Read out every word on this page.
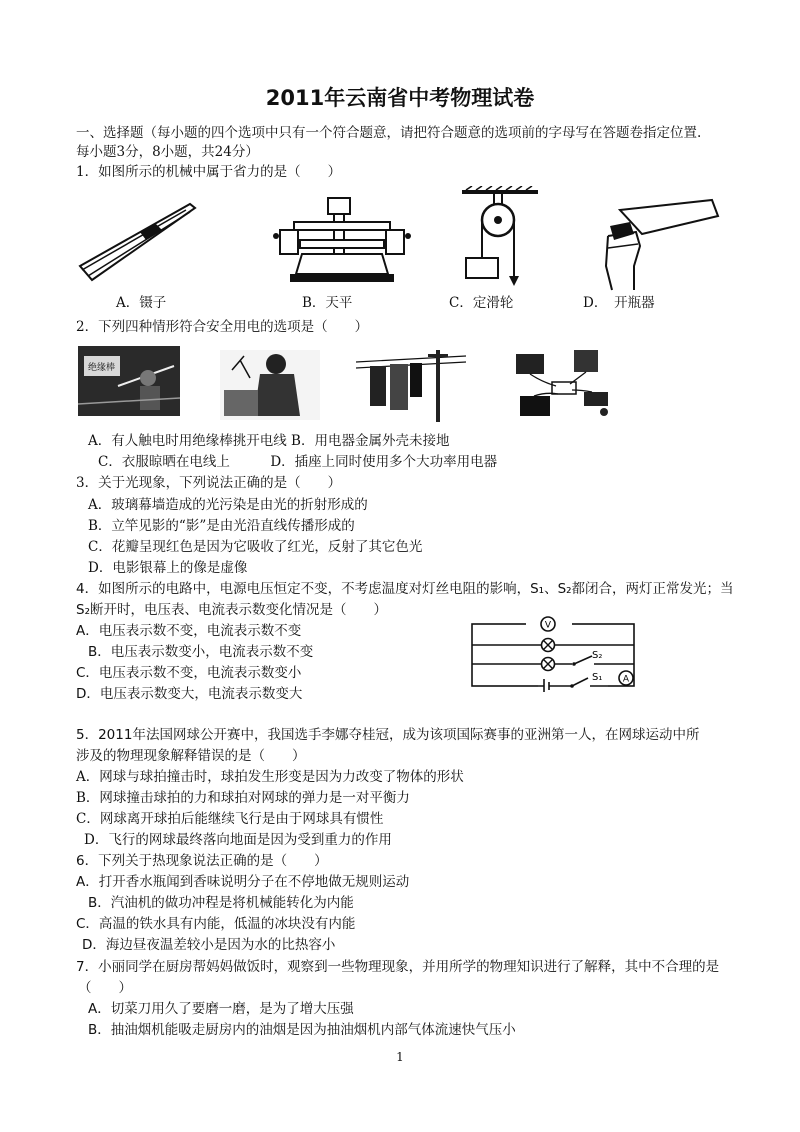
2011年云南省中考物理试卷
一、选择题（每小题的四个选项中只有一个符合题意，请把符合题意的选项前的字母写在答题卷指定位置.
每小题3分，8小题，共24分）
1．如图所示的机械中属于省力的是（　　）
A．镊子	B．天平	C．定滑轮	D．　开瓶器
2．下列四种情形符合安全用电的选项是（　　）
绝缘棒
A．有人触电时用绝缘棒挑开电线 B．用电器金属外壳未接地
C．衣服晾晒在电线上　　　D．插座上同时使用多个大功率用电器
3．关于光现象，下列说法正确的是（　　）
A．玻璃幕墙造成的光污染是由光的折射形成的
B．立竿见影的“影”是由光沿直线传播形成的
C．花瓣呈现红色是因为它吸收了红光，反射了其它色光
D．电影银幕上的像是虚像
4．如图所示的电路中，电源电压恒定不变，不考虑温度对灯丝电阻的影响，S₁、S₂都闭合，两灯正常发光；当
S₂断开时，电压表、电流表示数变化情况是（　　）
A．电压表示数不变，电流表示数不变
B．电压表示数变小，电流表示数不变
C．电压表示数不变，电流表示数变小
D．电压表示数变大，电流表示数变大
V
S₂
S₁ A
5．2011年法国网球公开赛中，我国选手李娜夺桂冠，成为该项国际赛事的亚洲第一人，在网球运动中所
涉及的物理现象解释错误的是（　　）
A．网球与球拍撞击时，球拍发生形变是因为力改变了物体的形状
B．网球撞击球拍的力和球拍对网球的弹力是一对平衡力
C．网球离开球拍后能继续飞行是由于网球具有惯性
D．飞行的网球最终落向地面是因为受到重力的作用
6．下列关于热现象说法正确的是（　　）
A．打开香水瓶闻到香味说明分子在不停地做无规则运动
B．汽油机的做功冲程是将机械能转化为内能
C．高温的铁水具有内能，低温的冰块没有内能
D．海边昼夜温差较小是因为水的比热容小
7．小丽同学在厨房帮妈妈做饭时，观察到一些物理现象，并用所学的物理知识进行了解释，其中不合理的是
（　　）
A．切菜刀用久了要磨一磨，是为了增大压强
B．抽油烟机能吸走厨房内的油烟是因为抽油烟机内部气体流速快气压小
1
